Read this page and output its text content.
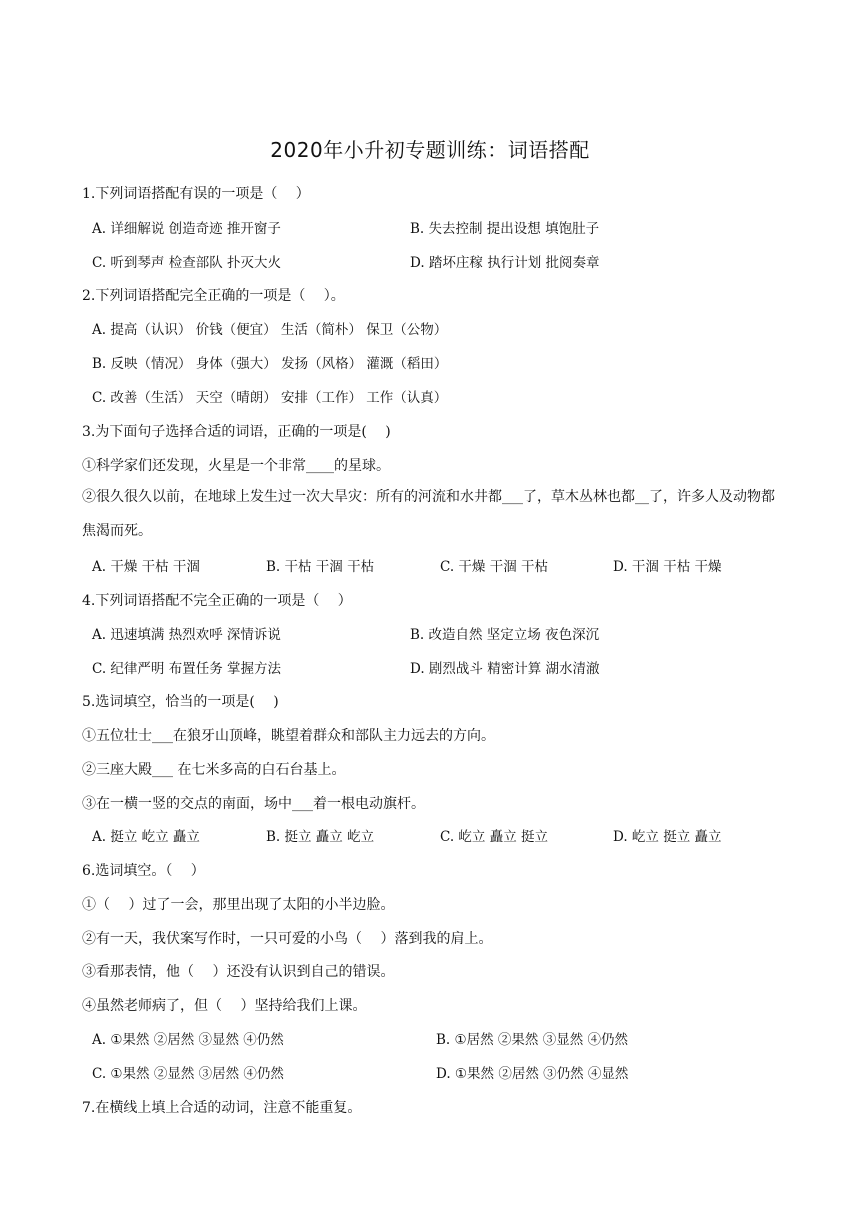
2020年小升初专题训练：词语搭配
1.下列词语搭配有误的一项是（　 ）
A. 详细解说 创造奇迹 推开窗子	B. 失去控制 提出设想 填饱肚子
C. 听到琴声 检查部队 扑灭大火	D. 踏坏庄稼 执行计划 批阅奏章
2.下列词语搭配完全正确的一项是（　 ）。
A. 提高（认识） 价钱（便宜） 生活（简朴） 保卫（公物）
B. 反映（情况） 身体（强大） 发扬（风格） 灌溉（稻田）
C. 改善（生活） 天空（晴朗） 安排（工作） 工作（认真）
3.为下面句子选择合适的词语，正确的一项是(　 )
①科学家们还发现，火星是一个非常____的星球。
②很久很久以前，在地球上发生过一次大旱灾：所有的河流和水井都___了，草木丛林也都__了，许多人及动物都焦渴而死。
A. 干燥 干枯 干涸	B. 干枯 干涸 干枯	C. 干燥 干涸 干枯	D. 干涸 干枯 干燥
4.下列词语搭配不完全正确的一项是（　 ）
A. 迅速填满 热烈欢呼 深情诉说	B. 改造自然 坚定立场 夜色深沉
C. 纪律严明 布置任务 掌握方法	D. 剧烈战斗 精密计算 湖水清澈
5.选词填空，恰当的一项是(　 )
①五位壮士___在狼牙山顶峰，眺望着群众和部队主力远去的方向。
②三座大殿___ 在七米多高的白石台基上。
③在一横一竖的交点的南面，场中___着一根电动旗杆。
A. 挺立 屹立 矗立	B. 挺立 矗立 屹立	C. 屹立 矗立 挺立	D. 屹立 挺立 矗立
6.选词填空。（　 ）
①（　 ）过了一会，那里出现了太阳的小半边脸。
②有一天，我伏案写作时，一只可爱的小鸟（　 ）落到我的肩上。
③看那表情，他（　 ）还没有认识到自己的错误。
④虽然老师病了，但（　 ）坚持给我们上课。
A. ①果然 ②居然 ③显然 ④仍然	B. ①居然 ②果然 ③显然 ④仍然
C. ①果然 ②显然 ③居然 ④仍然	D. ①果然 ②居然 ③仍然 ④显然
7.在横线上填上合适的动词，注意不能重复。
